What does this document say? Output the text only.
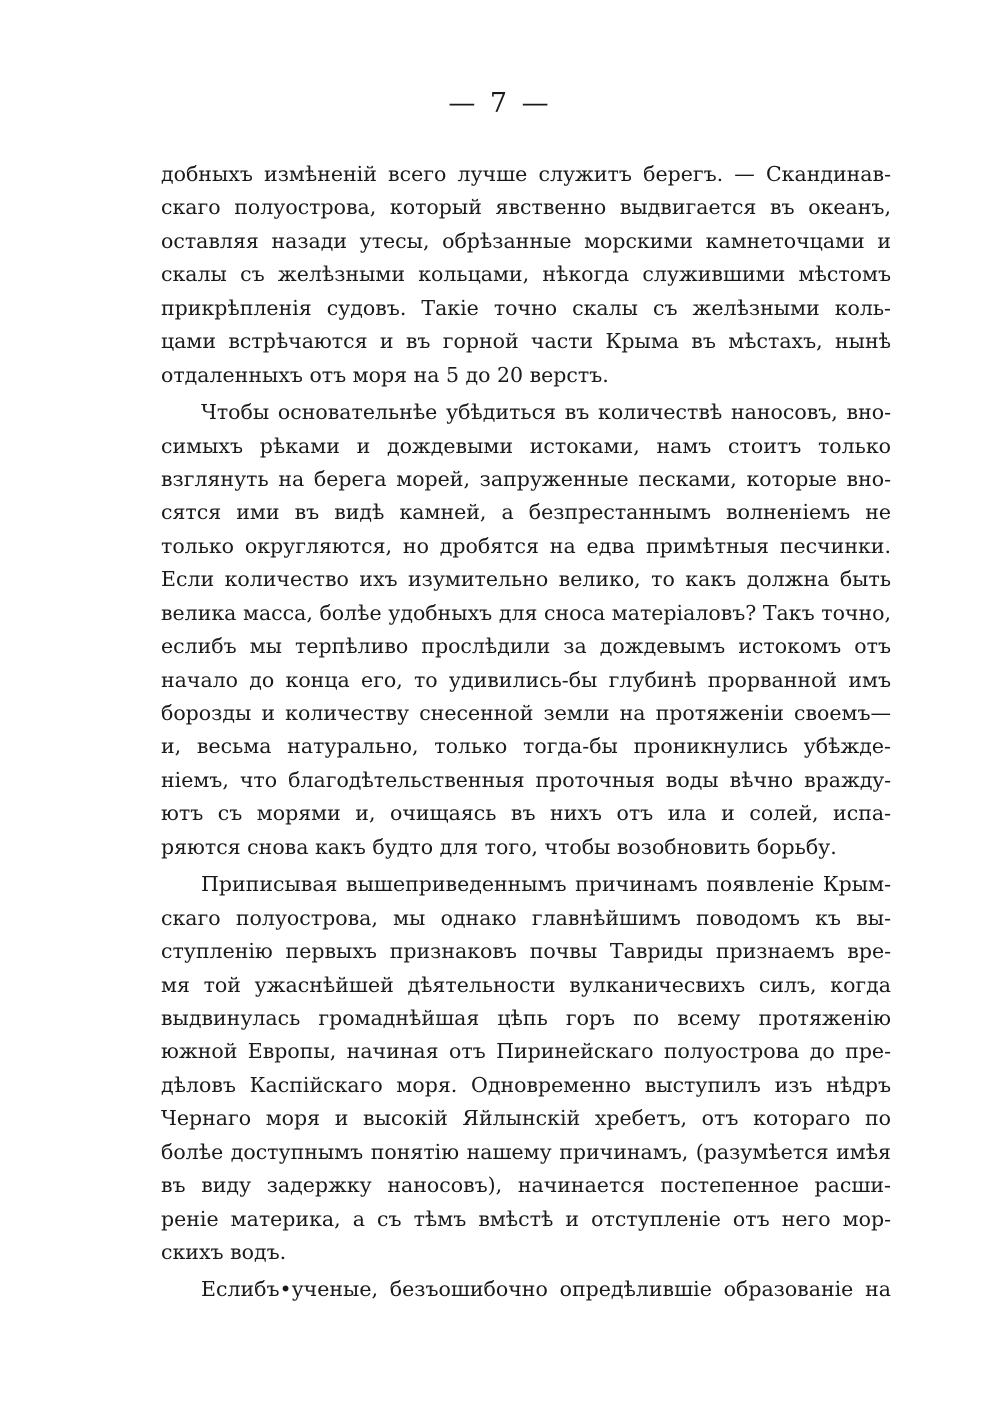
— 7 —
добныхъ измѣненій всего лучше служитъ берегъ. — Скандинав-
скаго полуострова, который явственно выдвигается въ океанъ,
оставляя назади утесы, обрѣзанные морскими камнеточцами и
скалы съ желѣзными кольцами, нѣкогда служившими мѣстомъ
прикрѣпленія судовъ. Такіе точно скалы съ желѣзными коль-
цами встрѣчаются и въ горной части Крыма въ мѣстахъ, нынѣ
отдаленныхъ отъ моря на 5 до 20 верстъ.
Чтобы основательнѣе убѣдиться въ количествѣ наносовъ, вно-
симыхъ рѣками и дождевыми истоками, намъ стоитъ только
взглянуть на берега морей, запруженные песками, которые вно-
сятся ими въ видѣ камней, а безпрестаннымъ волненіемъ не
только округляются, но дробятся на едва примѣтныя песчинки.
Если количество ихъ изумительно велико, то какъ должна быть
велика масса, болѣе удобныхъ для сноса матеріаловъ? Такъ точно,
еслибъ мы терпѣливо прослѣдили за дождевымъ истокомъ отъ
начало до конца его, то удивились-бы глубинѣ прорванной имъ
борозды и количеству снесенной земли на протяженіи своемъ—
и, весьма натурально, только тогда-бы проникнулись убѣжде-
ніемъ, что благодѣтельственныя проточныя воды вѣчно враждy-
ютъ съ морями и, очищаясь въ нихъ отъ ила и солей, испа-
ряются снова какъ будто для того, чтобы возобновить борьбу.
Приписывая вышеприведеннымъ причинамъ появленіе Крым-
скаго полуострова, мы однако главнѣйшимъ поводомъ къ вы-
ступленію первыхъ признаковъ почвы Тавриды признаемъ вре-
мя той ужаснѣйшей дѣятельности вулканичесвихъ силъ, когда
выдвинулась громаднѣйшая цѣпь горъ по всему протяженію
южной Европы, начиная отъ Пиринейскаго полуострова до пре-
дѣловъ Каспійскаго моря. Одновременно выступилъ изъ нѣдръ
Чернаго моря и высокій Яйлынскій хребетъ, отъ котораго по
болѣе доступнымъ понятію нашему причинамъ, (разумѣется имѣя
въ виду задержку наносовъ), начинается постепенное расши-
реніе материка, а съ тѣмъ вмѣстѣ и отступленіе отъ него мор-
скихъ водъ.
Еслибъ•ученые, безъошибочно опредѣлившіе образованіе на
